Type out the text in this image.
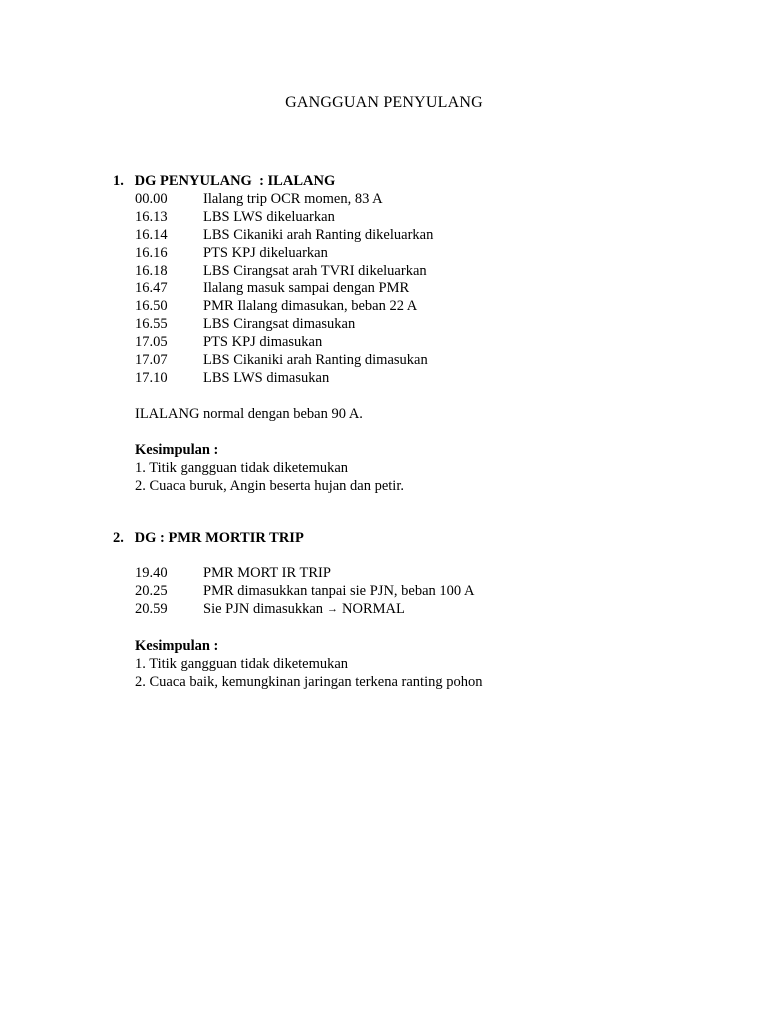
GANGGUAN PENYULANG
1. DG PENYULANG  : ILALANG
00.00 Ilalang trip OCR momen, 83 A
16.13 LBS LWS dikeluarkan
16.14 LBS Cikaniki arah Ranting dikeluarkan
16.16 PTS KPJ dikeluarkan
16.18 LBS Cirangsat arah TVRI dikeluarkan
16.47 Ilalang masuk sampai dengan PMR
16.50 PMR Ilalang dimasukan, beban 22 A
16.55 LBS Cirangsat dimasukan
17.05 PTS KPJ dimasukan
17.07 LBS Cikaniki arah Ranting dimasukan
17.10 LBS LWS dimasukan
ILALANG normal dengan beban 90 A.
Kesimpulan :
1. Titik gangguan tidak diketemukan
2. Cuaca buruk, Angin beserta hujan dan petir.
2. DG : PMR MORTIR TRIP
19.40 PMR MORT IR TRIP
20.25 PMR dimasukkan tanpai sie PJN, beban 100 A
20.59 Sie PJN dimasukkan → NORMAL
Kesimpulan :
1. Titik gangguan tidak diketemukan
2. Cuaca baik, kemungkinan jaringan terkena ranting pohon
